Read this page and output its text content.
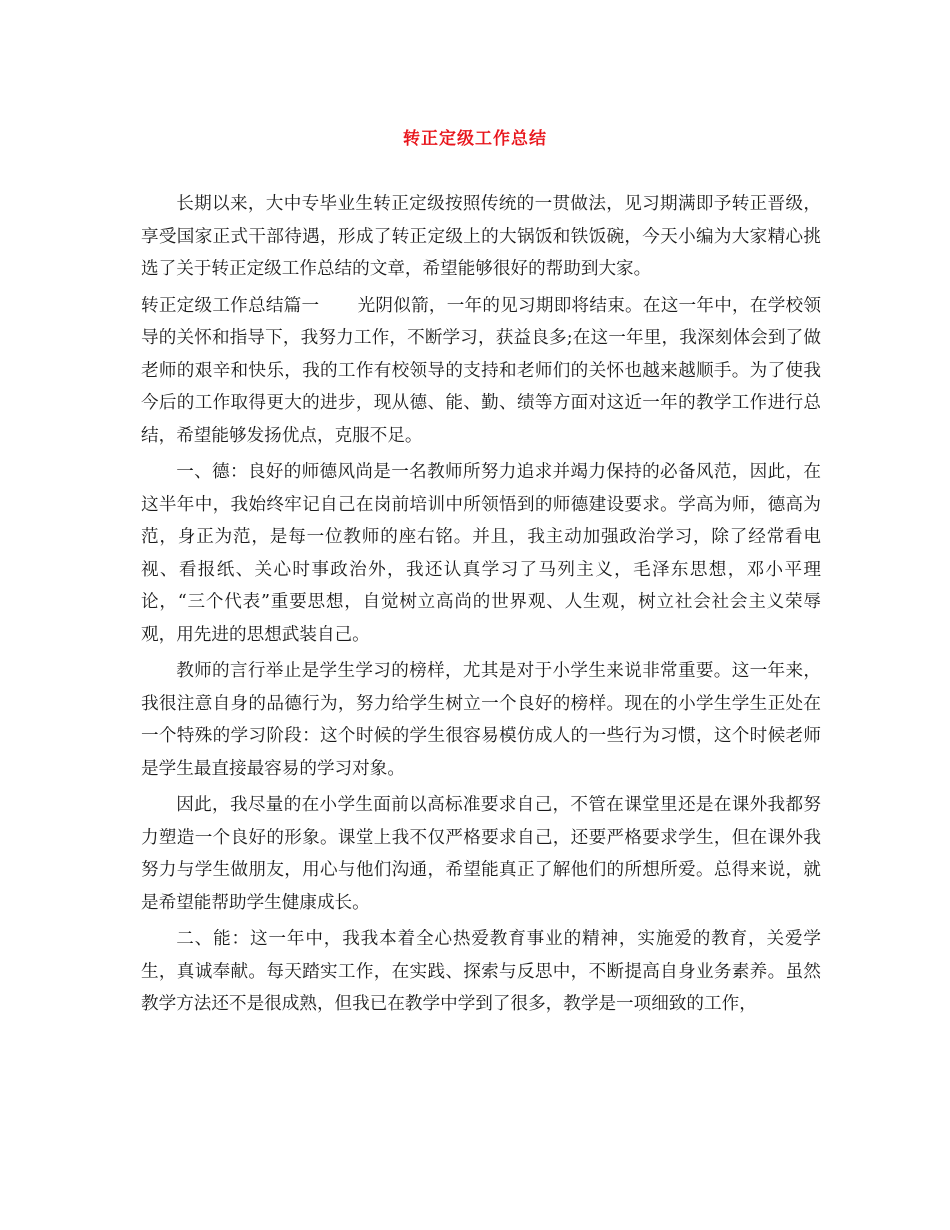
转正定级工作总结

长期以来，大中专毕业生转正定级按照传统的一贯做法，见习期满即予转正晋级，享受国家正式干部待遇，形成了转正定级上的大锅饭和铁饭碗，今天小编为大家精心挑选了关于转正定级工作总结的文章，希望能够很好的帮助到大家。

转正定级工作总结篇一 光阴似箭，一年的见习期即将结束。在这一年中，在学校领导的关怀和指导下，我努力工作，不断学习，获益良多;在这一年里，我深刻体会到了做老师的艰辛和快乐，我的工作有校领导的支持和老师们的关怀也越来越顺手。为了使我今后的工作取得更大的进步，现从德、能、勤、绩等方面对这近一年的教学工作进行总结，希望能够发扬优点，克服不足。

一、德：良好的师德风尚是一名教师所努力追求并竭力保持的必备风范，因此，在这半年中，我始终牢记自己在岗前培训中所领悟到的师德建设要求。学高为师，德高为范，身正为范，是每一位教师的座右铭。并且，我主动加强政治学习，除了经常看电视、看报纸、关心时事政治外，我还认真学习了马列主义，毛泽东思想，邓小平理论，“三个代表”重要思想，自觉树立高尚的世界观、人生观，树立社会社会主义荣辱观，用先进的思想武装自己。

教师的言行举止是学生学习的榜样，尤其是对于小学生来说非常重要。这一年来，我很注意自身的品德行为，努力给学生树立一个良好的榜样。现在的小学生学生正处在一个特殊的学习阶段：这个时候的学生很容易模仿成人的一些行为习惯，这个时候老师是学生最直接最容易的学习对象。

因此，我尽量的在小学生面前以高标准要求自己，不管在课堂里还是在课外我都努力塑造一个良好的形象。课堂上我不仅严格要求自己，还要严格要求学生，但在课外我努力与学生做朋友，用心与他们沟通，希望能真正了解他们的所想所爱。总得来说，就是希望能帮助学生健康成长。

二、能：这一年中，我我本着全心热爱教育事业的精神，实施爱的教育，关爱学生，真诚奉献。每天踏实工作，在实践、探索与反思中，不断提高自身业务素养。虽然教学方法还不是很成熟，但我已在教学中学到了很多，教学是一项细致的工作，
